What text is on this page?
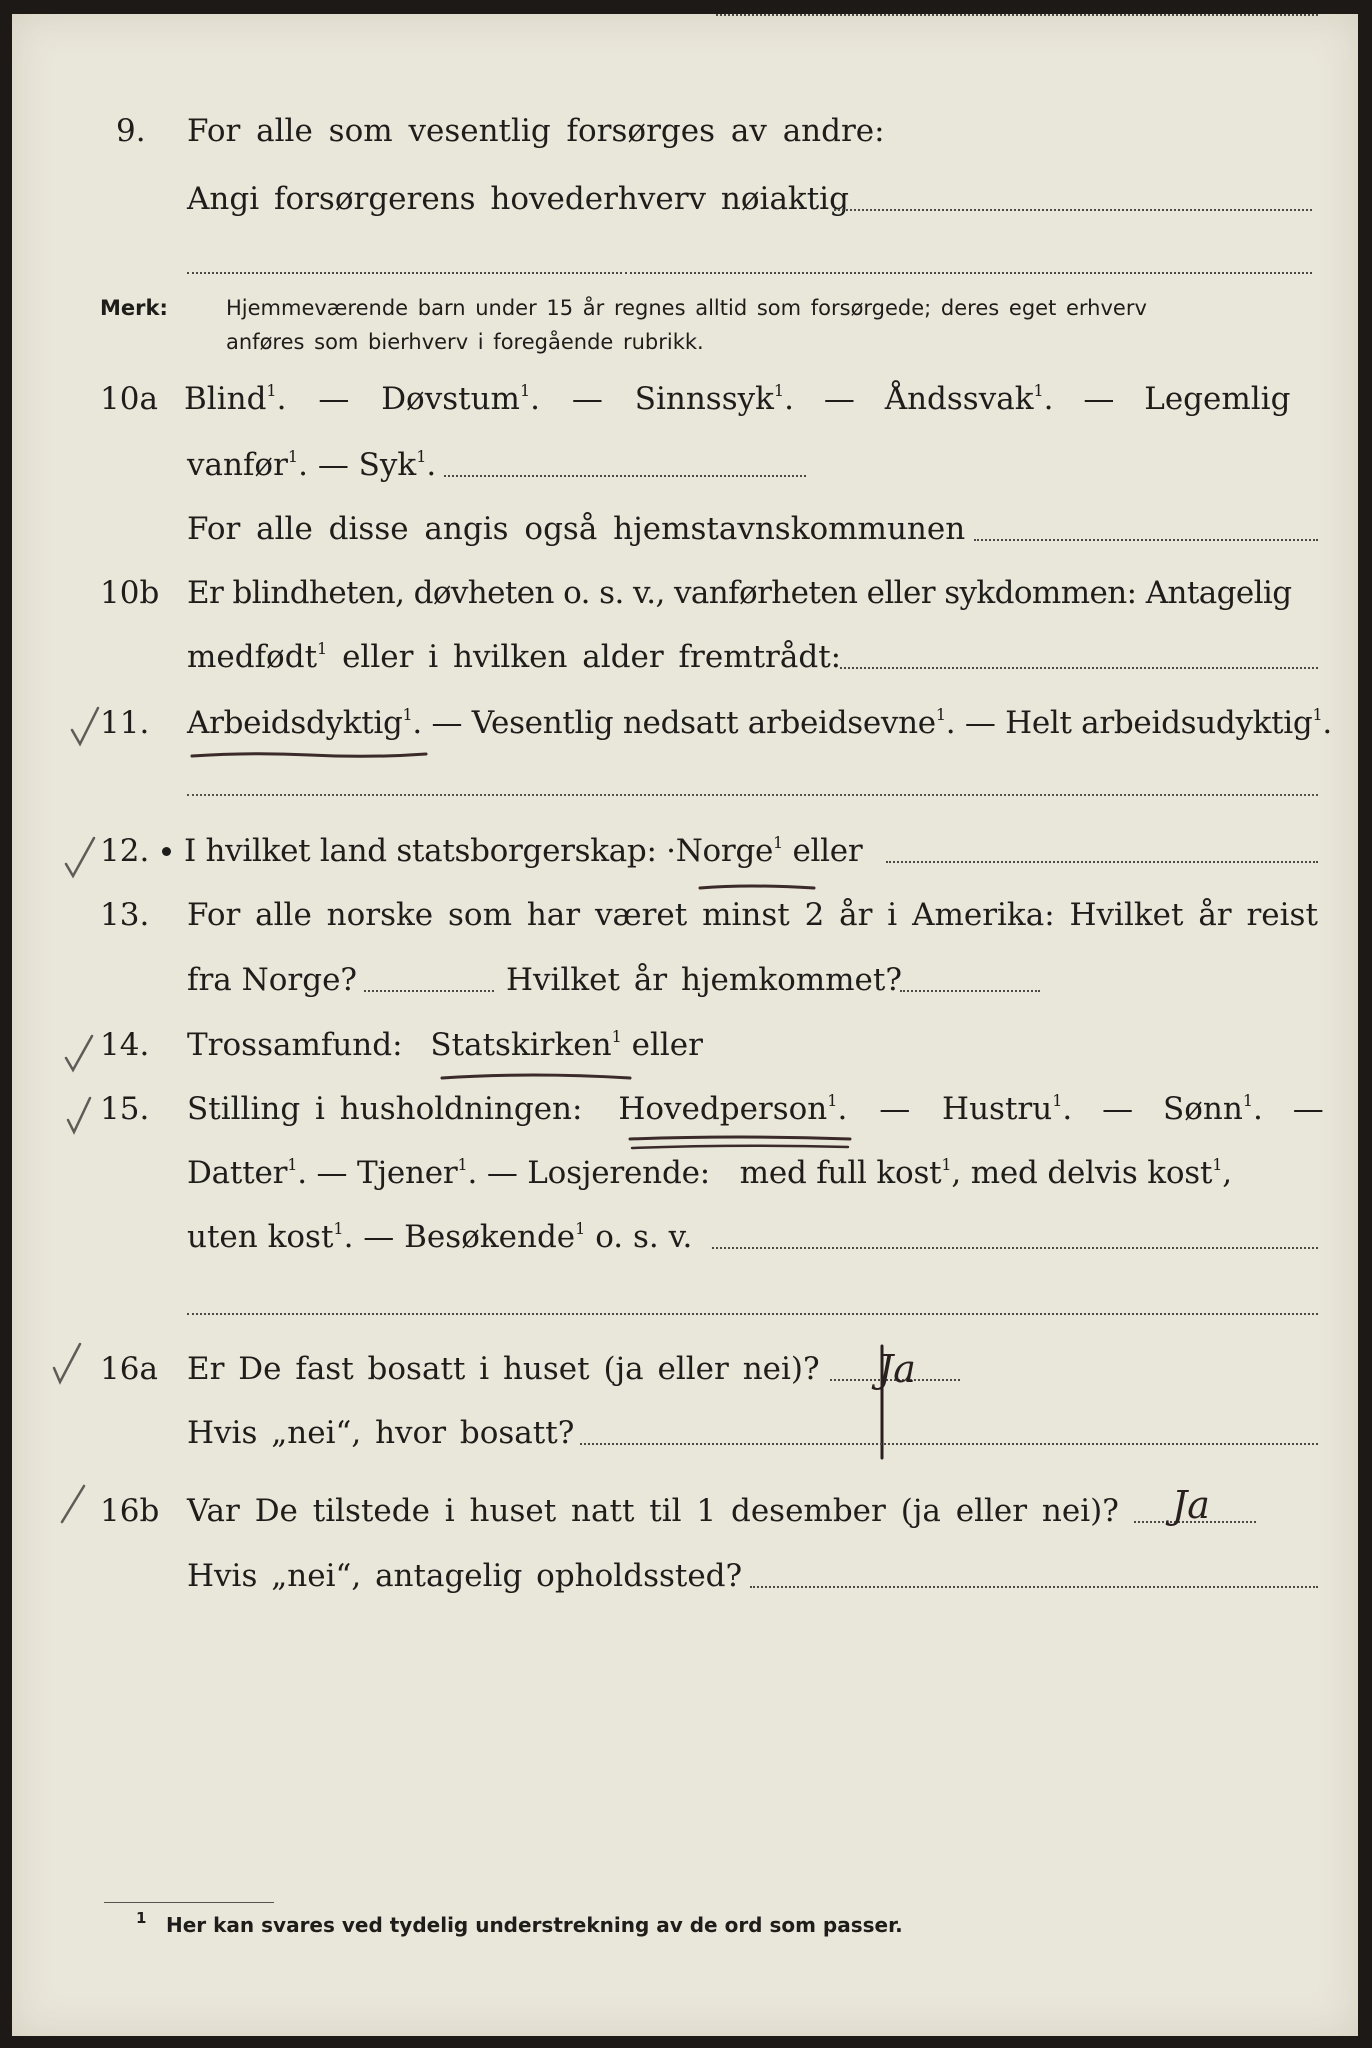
9. For alle som vesentlig forsørges av andre:
Angi forsørgerens hovederhverv nøiaktig
Merk:	Hjemmeværende barn under 15 år regnes alltid som forsørgede; deres eget erhverv
anføres som bierhverv i foregående rubrikk.
10a Blind$^1$. — Døvstum$^1$. — Sinnssyk$^1$. — Åndssvak$^1$. — Legemlig
vanfør$^1$. — Syk$^1$.
For alle disse angis også hjemstavnskommunen
10b Er blindheten, døvheten o. s. v., vanførheten eller sykdommen: Antagelig
medfødt$^1$ eller i hvilken alder fremtrådt:
11. Arbeidsdyktig$^1$. — Vesentlig nedsatt arbeidsevne$^1$. — Helt arbeidsudyktig$^1$.
12. I hvilket land statsborgerskap: ·Norge$^1$ eller
13. For alle norske som har været minst 2 år i Amerika: Hvilket år reist
fra Norge?	Hvilket år hjemkommet?
14. Trossamfund: Statskirken$^1$ eller
15. Stilling i husholdningen: Hovedperson$^1$. — Hustru$^1$. — Sønn$^1$. —
Datter$^1$. — Tjener$^1$. — Losjerende: med full kost$^1$, med delvis kost$^1$,
uten kost$^1$. — Besøkende$^1$ o. s. v.
16a Er De fast bosatt i huset (ja eller nei)? Ja
Hvis „nei“, hvor bosatt?
16b Var De tilstede i huset natt til 1 desember (ja eller nei)? Ja
Hvis „nei“, antagelig opholdssted?
1 Her kan svares ved tydelig understrekning av de ord som passer.
